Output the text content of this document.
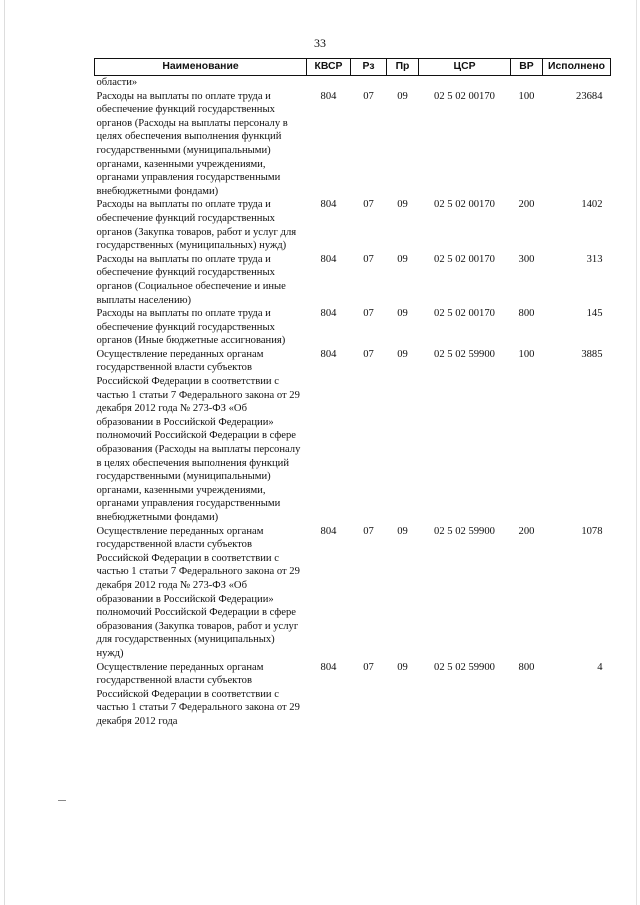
33
Наименование	КВСР	Рз	Пр	ЦСР	ВР	Исполнено
области»						
Расходы на выплаты по оплате труда и обеспечение функций государственных органов (Расходы на выплаты персоналу в целях обеспечения выполнения функций государственными (муниципальными) органами, казенными учреждениями, органами управления государственными внебюджетными фондами)	804	07	09	02 5 02 00170	100	23684
Расходы на выплаты по оплате труда и обеспечение функций государственных органов (Закупка товаров, работ и услуг для государственных (муниципальных) нужд)	804	07	09	02 5 02 00170	200	1402
Расходы на выплаты по оплате труда и обеспечение функций государственных органов (Социальное обеспечение и иные выплаты населению)	804	07	09	02 5 02 00170	300	313
Расходы на выплаты по оплате труда и обеспечение функций государственных органов (Иные бюджетные ассигнования)	804	07	09	02 5 02 00170	800	145
Осуществление переданных органам государственной власти субъектов Российской Федерации в соответствии с частью 1 статьи 7 Федерального закона от 29 декабря 2012 года № 273-ФЗ «Об образовании в Российской Федерации» полномочий Российской Федерации в сфере образования (Расходы на выплаты персоналу в целях обеспечения выполнения функций государственными (муниципальными) органами, казенными учреждениями, органами управления государственными внебюджетными фондами)	804	07	09	02 5 02 59900	100	3885
Осуществление переданных органам государственной власти субъектов Российской Федерации в соответствии с частью 1 статьи 7 Федерального закона от 29 декабря 2012 года № 273-ФЗ «Об образовании в Российской Федерации» полномочий Российской Федерации в сфере образования (Закупка товаров, работ и услуг для государственных (муниципальных) нужд)	804	07	09	02 5 02 59900	200	1078
Осуществление переданных органам государственной власти субъектов Российской Федерации в соответствии с частью 1 статьи 7 Федерального закона от 29 декабря 2012 года	804	07	09	02 5 02 59900	800	4
